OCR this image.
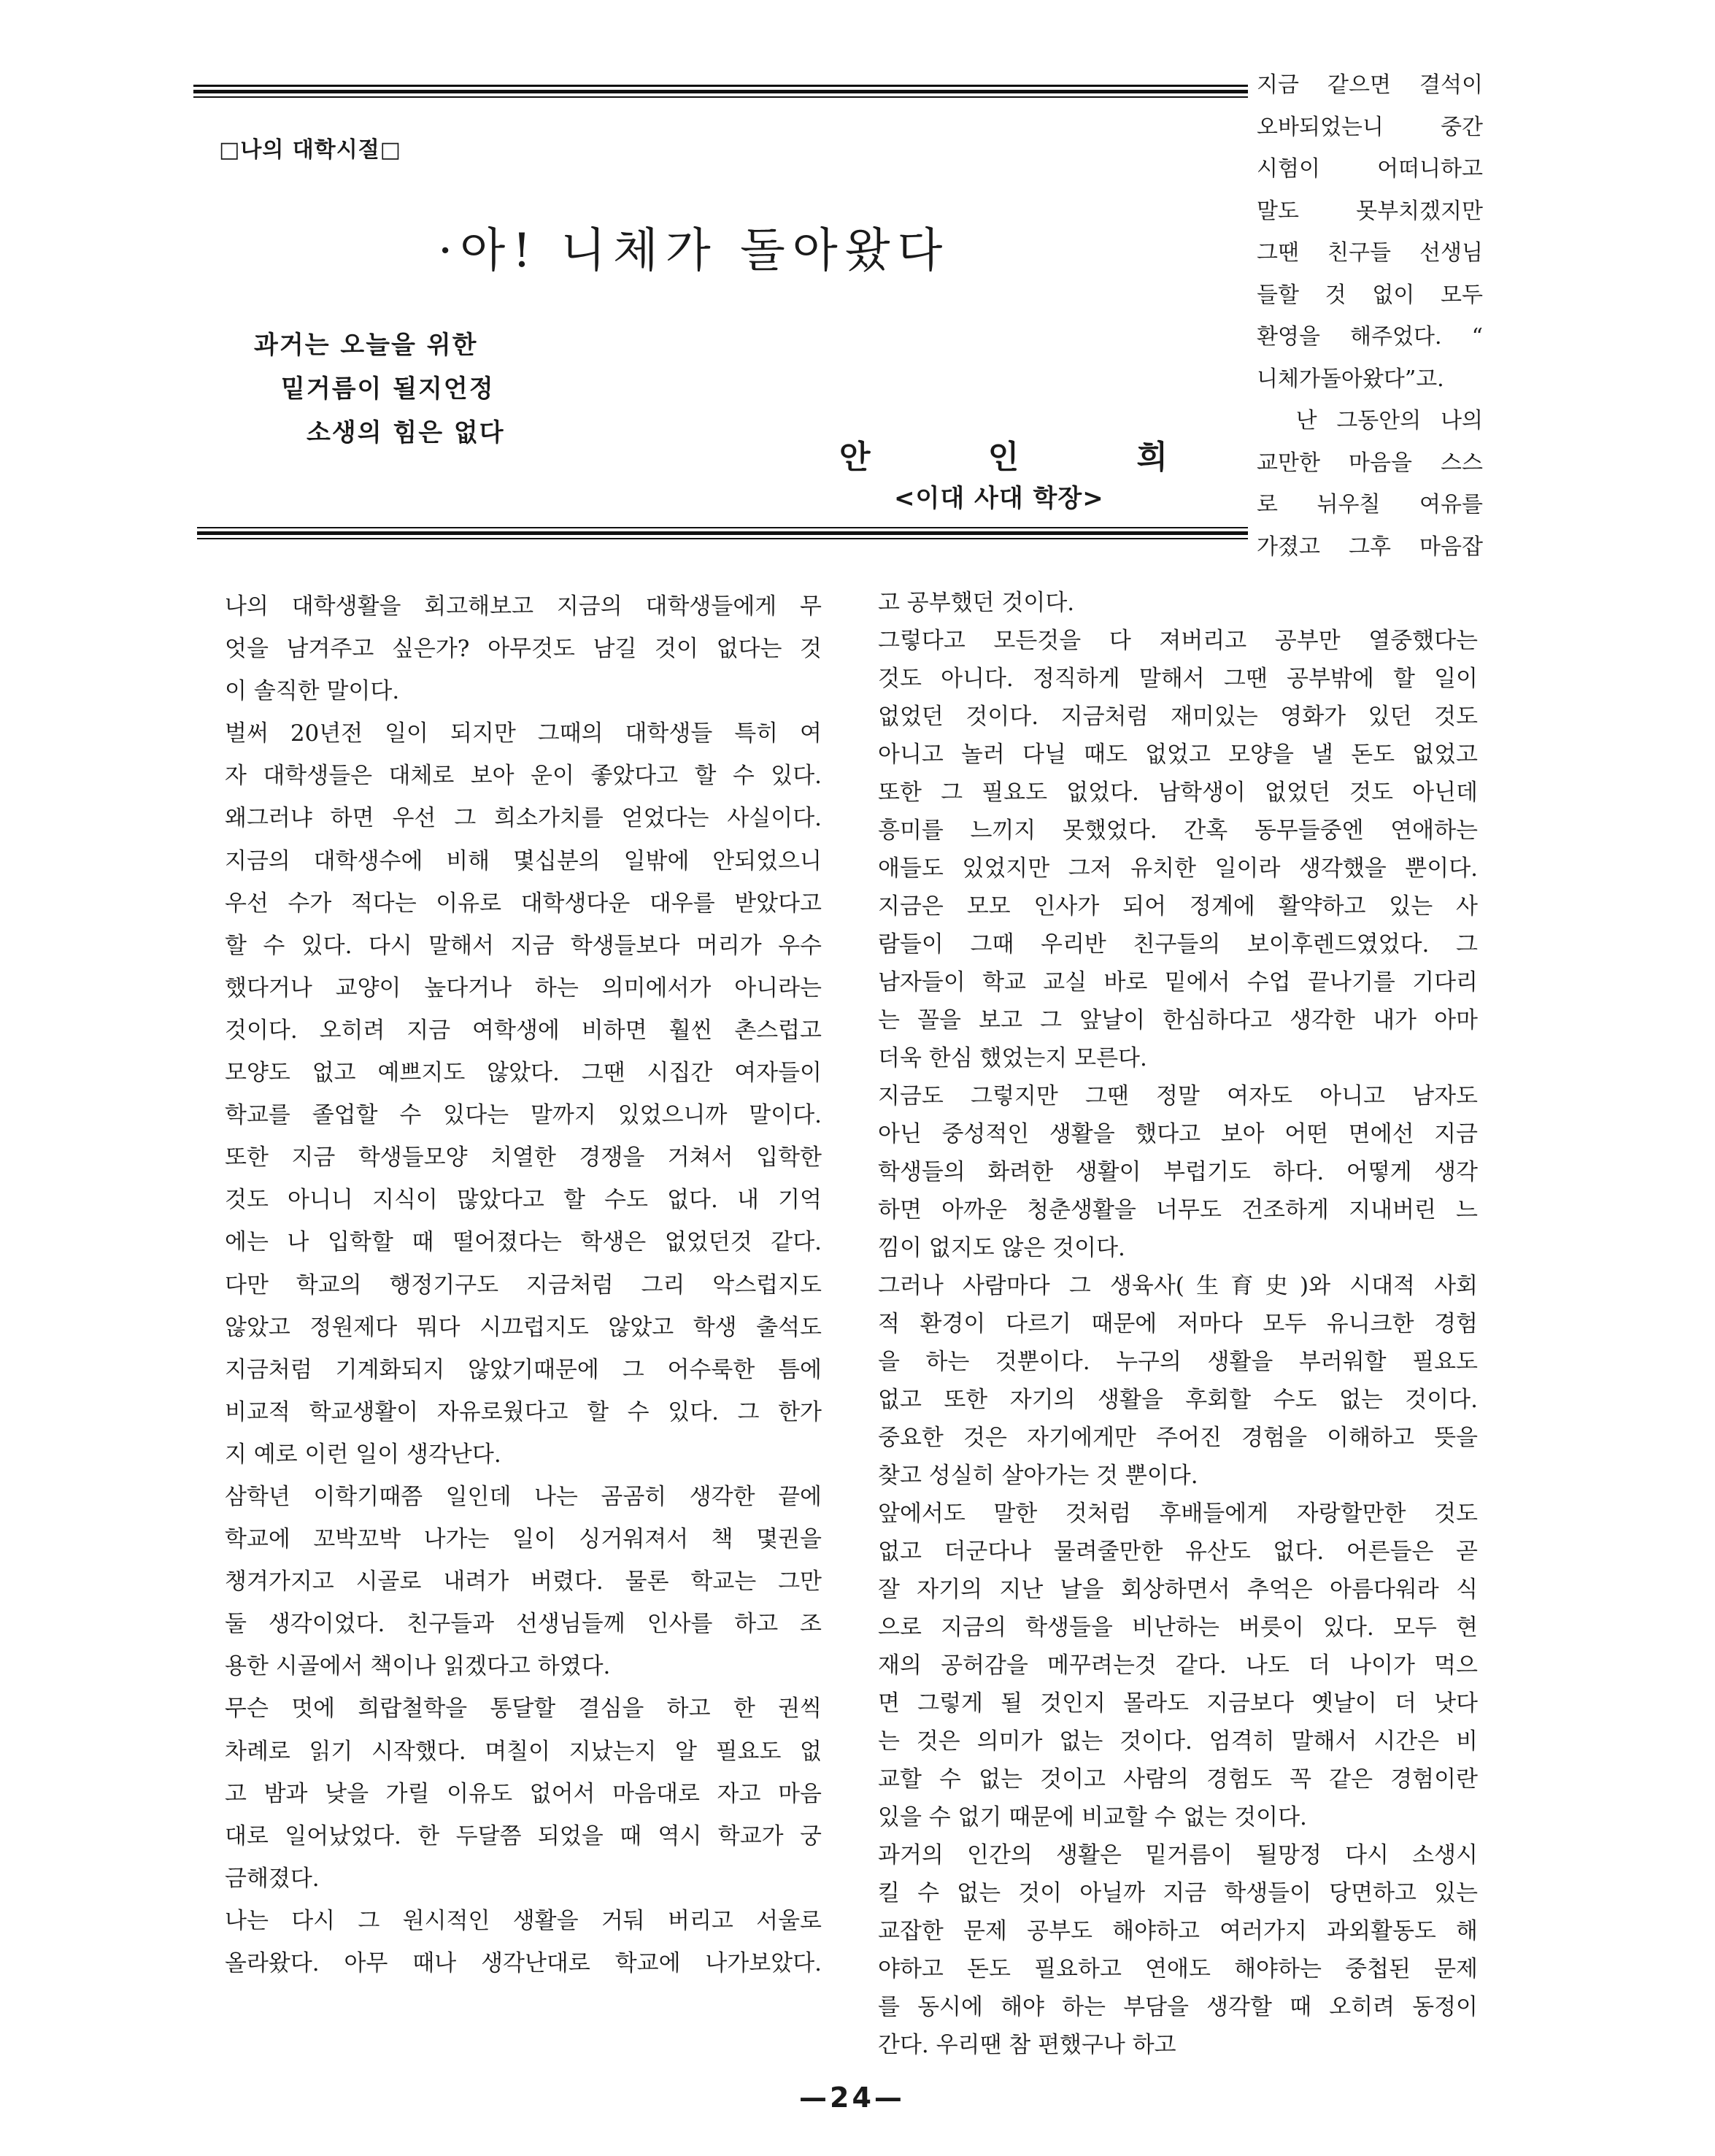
□나의 대학시절□
·아! 니체가 돌아왔다
과거는 오늘을 위한
밑거름이 될지언정
소생의 힘은 없다
안	인	희
<이대 사대 학장>
지금 같으면 결석이
오바되었는니 중간
시험이 어떠니하고
말도 못부치겠지만
그땐 친구들 선생님
들할 것 없이 모두
환영을 해주었다. “
니체가돌아왔다”고.
난 그동안의 나의
교만한 마음을 스스
로 뉘우칠 여유를
가졌고 그후 마음잡
나의 대학생활을 회고해보고 지금의 대학생들에게 무
엇을 남겨주고 싶은가? 아무것도 남길 것이 없다는 것
이 솔직한 말이다.
벌써 20년전 일이 되지만 그때의 대학생들 특히 여
자 대학생들은 대체로 보아 운이 좋았다고 할 수 있다.
왜그러냐 하면 우선 그 희소가치를 얻었다는 사실이다.
지금의 대학생수에 비해 몇십분의 일밖에 안되었으니
우선 수가 적다는 이유로 대학생다운 대우를 받았다고
할 수 있다. 다시 말해서 지금 학생들보다 머리가 우수
했다거나 교양이 높다거나 하는 의미에서가 아니라는
것이다. 오히려 지금 여학생에 비하면 훨씬 촌스럽고
모양도 없고 예쁘지도 않았다. 그땐 시집간 여자들이
학교를 졸업할 수 있다는 말까지 있었으니까 말이다.
또한 지금 학생들모양 치열한 경쟁을 거쳐서 입학한
것도 아니니 지식이 많았다고 할 수도 없다. 내 기억
에는 나 입학할 때 떨어졌다는 학생은 없었던것 같다.
다만 학교의 행정기구도 지금처럼 그리 악스럽지도
않았고 정원제다 뭐다 시끄럽지도 않았고 학생 출석도
지금처럼 기계화되지 않았기때문에 그 어수룩한 틈에
비교적 학교생활이 자유로웠다고 할 수 있다. 그 한가
지 예로 이런 일이 생각난다.
삼학년 이학기때쯤 일인데 나는 곰곰히 생각한 끝에
학교에 꼬박꼬박 나가는 일이 싱거워져서 책 몇권을
챙겨가지고 시골로 내려가 버렸다. 물론 학교는 그만
둘 생각이었다. 친구들과 선생님들께 인사를 하고 조
용한 시골에서 책이나 읽겠다고 하였다.
무슨 멋에 희랍철학을 통달할 결심을 하고 한 권씩
차례로 읽기 시작했다. 며칠이 지났는지 알 필요도 없
고 밤과 낮을 가릴 이유도 없어서 마음대로 자고 마음
대로 일어났었다. 한 두달쯤 되었을 때 역시 학교가 궁
금해졌다.
나는 다시 그 원시적인 생활을 거둬 버리고 서울로
올라왔다. 아무 때나 생각난대로 학교에 나가보았다.
고 공부했던 것이다.
그렇다고 모든것을 다 져버리고 공부만 열중했다는
것도 아니다. 정직하게 말해서 그땐 공부밖에 할 일이
없었던 것이다. 지금처럼 재미있는 영화가 있던 것도
아니고 놀러 다닐 때도 없었고 모양을 낼 돈도 없었고
또한 그 필요도 없었다. 남학생이 없었던 것도 아닌데
흥미를 느끼지 못했었다. 간혹 동무들중엔 연애하는
애들도 있었지만 그저 유치한 일이라 생각했을 뿐이다.
지금은 모모 인사가 되어 정계에 활약하고 있는 사
람들이 그때 우리반 친구들의 보이후렌드였었다. 그
남자들이 학교 교실 바로 밑에서 수업 끝나기를 기다리
는 꼴을 보고 그 앞날이 한심하다고 생각한 내가 아마
더욱 한심 했었는지 모른다.
지금도 그렇지만 그땐 정말 여자도 아니고 남자도
아닌 중성적인 생활을 했다고 보아 어떤 면에선 지금
학생들의 화려한 생활이 부럽기도 하다. 어떻게 생각
하면 아까운 청춘생활을 너무도 건조하게 지내버린 느
낌이 없지도 않은 것이다.
그러나 사람마다 그 생육사(生育史)와 시대적 사회
적 환경이 다르기 때문에 저마다 모두 유니크한 경험
을 하는 것뿐이다. 누구의 생활을 부러워할 필요도
없고 또한 자기의 생활을 후회할 수도 없는 것이다.
중요한 것은 자기에게만 주어진 경험을 이해하고 뜻을
찾고 성실히 살아가는 것 뿐이다.
앞에서도 말한 것처럼 후배들에게 자랑할만한 것도
없고 더군다나 물려줄만한 유산도 없다. 어른들은 곧
잘 자기의 지난 날을 회상하면서 추억은 아름다워라 식
으로 지금의 학생들을 비난하는 버릇이 있다. 모두 현
재의 공허감을 메꾸려는것 같다. 나도 더 나이가 먹으
면 그렇게 될 것인지 몰라도 지금보다 옛날이 더 낫다
는 것은 의미가 없는 것이다. 엄격히 말해서 시간은 비
교할 수 없는 것이고 사람의 경험도 꼭 같은 경험이란
있을 수 없기 때문에 비교할 수 없는 것이다.
과거의 인간의 생활은 밑거름이 될망정 다시 소생시
킬 수 없는 것이 아닐까 지금 학생들이 당면하고 있는
교잡한 문제 공부도 해야하고 여러가지 과외활동도 해
야하고 돈도 필요하고 연애도 해야하는 중첩된 문제
를 동시에 해야 하는 부담을 생각할 때 오히려 동정이
간다. 우리땐 참 편했구나 하고
—24—
